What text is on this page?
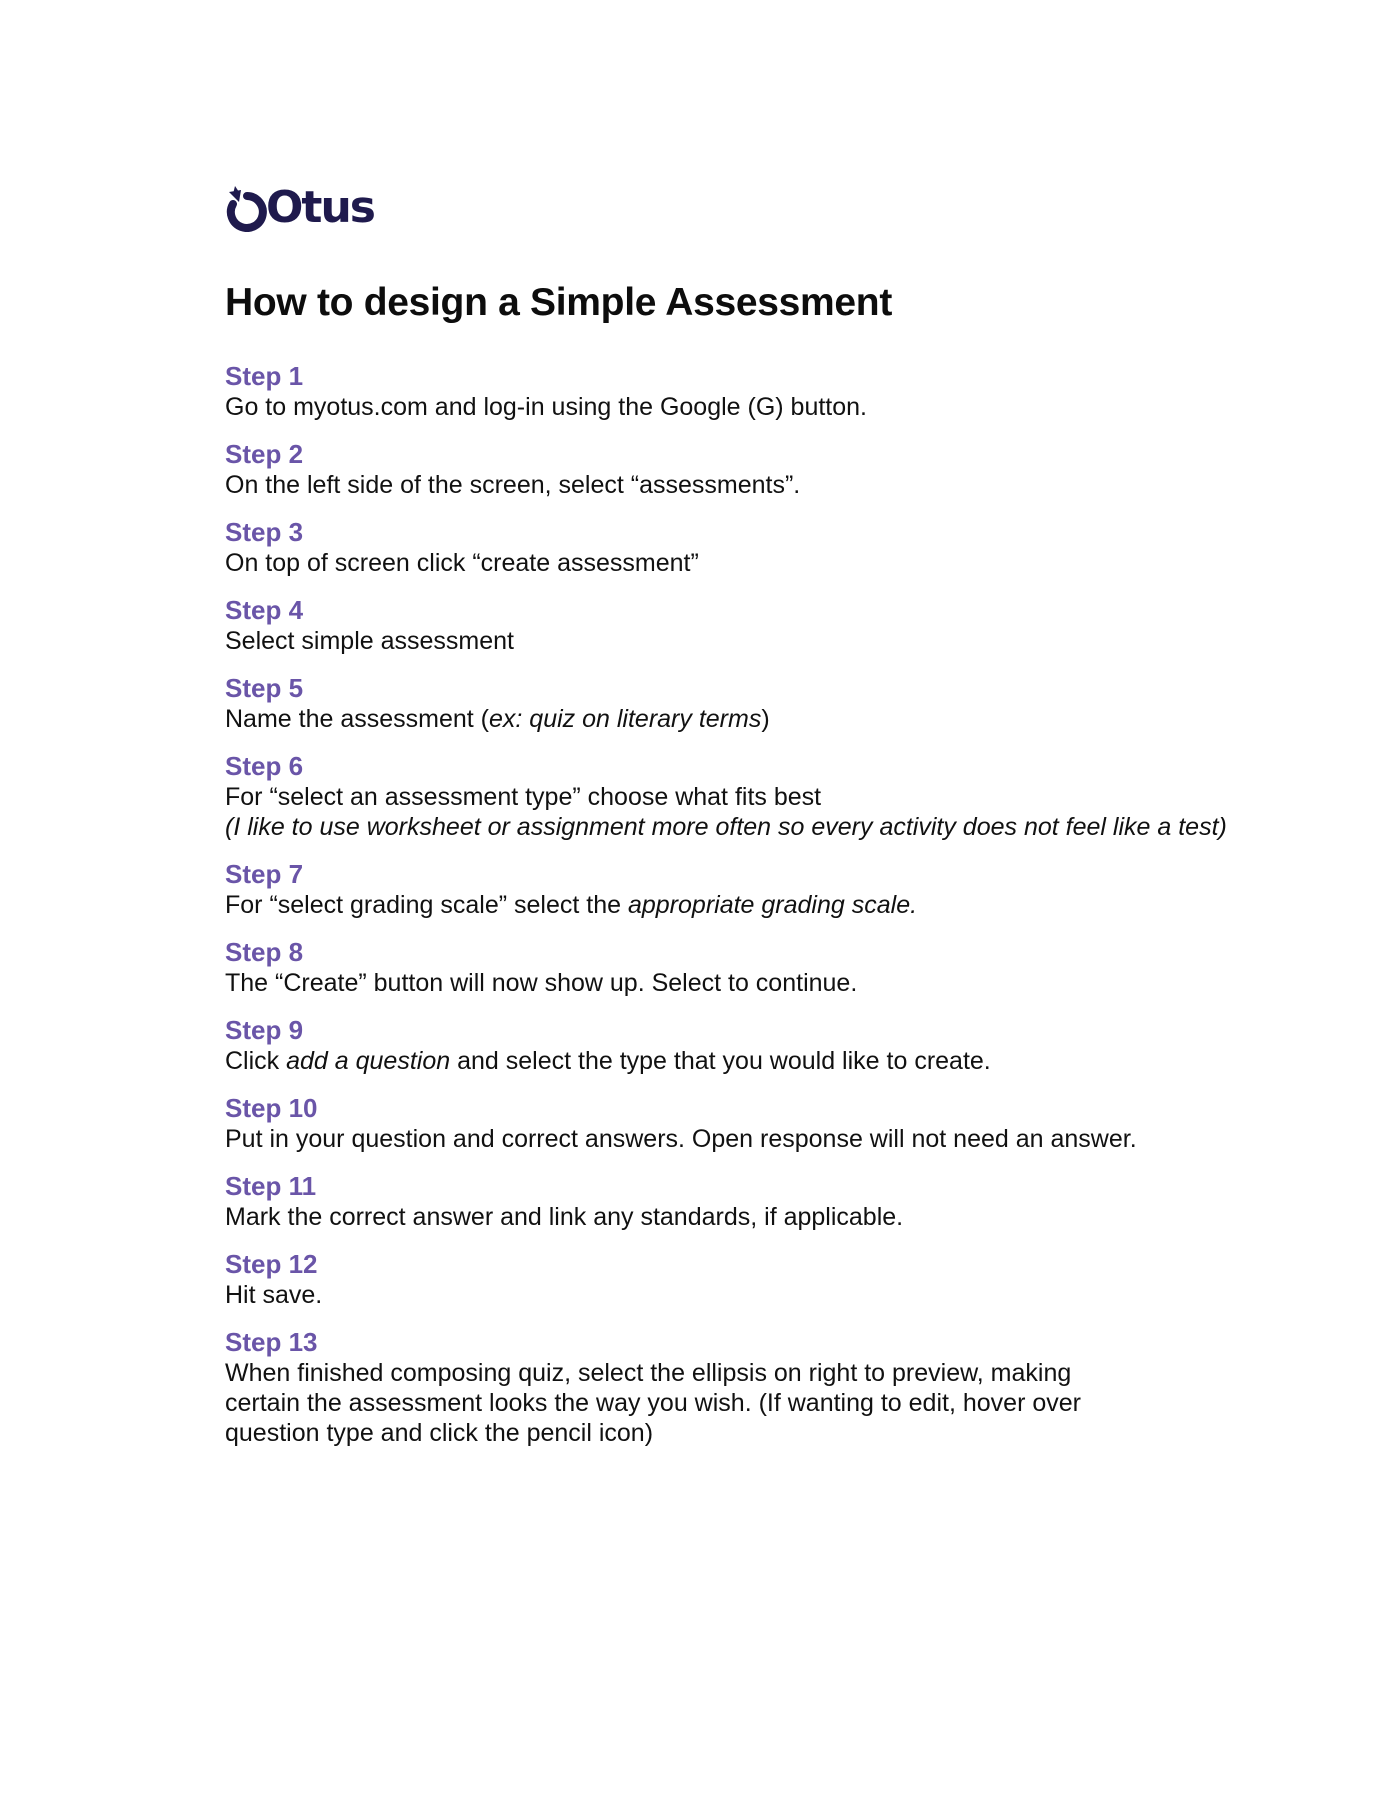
Otus
How to design a Simple Assessment
Step 1
Go to myotus.com and log-in using the Google (G) button.
Step 2
On the left side of the screen, select “assessments”.
Step 3
On top of screen click “create assessment”
Step 4
Select simple assessment
Step 5
Name the assessment (ex: quiz on literary terms)
Step 6
For “select an assessment type” choose what fits best
(I like to use worksheet or assignment more often so every activity does not feel like a test)
Step 7
For “select grading scale” select the appropriate grading scale.
Step 8
The “Create” button will now show up. Select to continue.
Step 9
Click add a question and select the type that you would like to create.
Step 10
Put in your question and correct answers. Open response will not need an answer.
Step 11
Mark the correct answer and link any standards, if applicable.
Step 12
Hit save.
Step 13
When finished composing quiz, select the ellipsis on right to preview, making certain the assessment looks the way you wish. (If wanting to edit, hover over question type and click the pencil icon)
